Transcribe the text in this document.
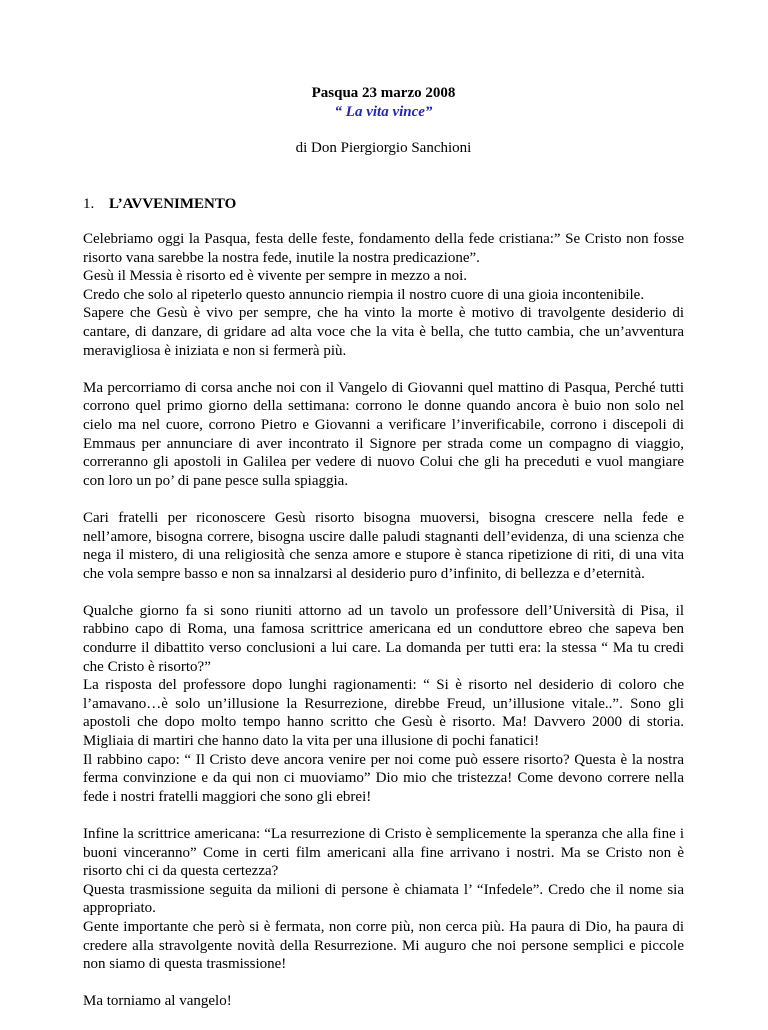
Pasqua 23 marzo 2008
“ La vita vince”
di Don Piergiorgio Sanchioni
1. L’AVVENIMENTO
Celebriamo oggi la Pasqua, festa delle feste, fondamento della fede cristiana:” Se Cristo non fosse
risorto vana sarebbe la nostra fede, inutile la nostra predicazione”.
Gesù il Messia è risorto ed è vivente per sempre in mezzo a noi.
Credo che solo al ripeterlo questo annuncio riempia il nostro cuore di una gioia incontenibile.
Sapere che Gesù è vivo per sempre, che ha vinto la morte è motivo di travolgente desiderio di
cantare, di danzare, di gridare ad alta voce che la vita è bella, che tutto cambia, che un’avventura
meravigliosa è iniziata e non si fermerà più.
Ma percorriamo di corsa anche noi con il Vangelo di Giovanni quel mattino di Pasqua, Perché tutti
corrono quel primo giorno della settimana: corrono le donne quando ancora è buio non solo nel
cielo ma nel cuore, corrono Pietro e Giovanni a verificare l’inverificabile, corrono i discepoli di
Emmaus per annunciare di aver incontrato il Signore per strada come un compagno di viaggio,
correranno gli apostoli in Galilea per vedere di nuovo Colui che gli ha preceduti e vuol mangiare
con loro un po’ di pane pesce sulla spiaggia.
Cari fratelli per riconoscere Gesù risorto bisogna muoversi, bisogna crescere nella fede e
nell’amore, bisogna correre, bisogna uscire dalle paludi stagnanti dell’evidenza, di una scienza che
nega il mistero, di una religiosità che senza amore e stupore è stanca ripetizione di riti, di una vita
che vola sempre basso e non sa innalzarsi al desiderio puro d’infinito, di bellezza e d’eternità.
Qualche giorno fa si sono riuniti attorno ad un tavolo un professore dell’Università di Pisa, il
rabbino capo di Roma, una famosa scrittrice americana ed un conduttore ebreo che sapeva ben
condurre il dibattito verso conclusioni a lui care. La domanda per tutti era: la stessa “ Ma tu credi
che Cristo è risorto?”
La risposta del professore dopo lunghi ragionamenti: “ Si è risorto nel desiderio di coloro che
l’amavano…è solo un’illusione la Resurrezione, direbbe Freud, un’illusione vitale..”. Sono gli
apostoli che dopo molto tempo hanno scritto che Gesù è risorto. Ma! Davvero 2000 di storia.
Migliaia di martiri che hanno dato la vita per una illusione di pochi fanatici!
Il rabbino capo: “ Il Cristo deve ancora venire per noi come può essere risorto? Questa è la nostra
ferma convinzione e da qui non ci muoviamo” Dio mio che tristezza! Come devono correre nella
fede i nostri fratelli maggiori che sono gli ebrei!
Infine la scrittrice americana: “La resurrezione di Cristo è semplicemente la speranza che alla fine i
buoni vinceranno” Come in certi film americani alla fine arrivano i nostri. Ma se Cristo non è
risorto chi ci da questa certezza?
Questa trasmissione seguita da milioni di persone è chiamata l’ “Infedele”. Credo che il nome sia
appropriato.
Gente importante che però si è fermata, non corre più, non cerca più. Ha paura di Dio, ha paura di
credere alla stravolgente novità della Resurrezione. Mi auguro che noi persone semplici e piccole
non siamo di questa trasmissione!
Ma torniamo al vangelo!
